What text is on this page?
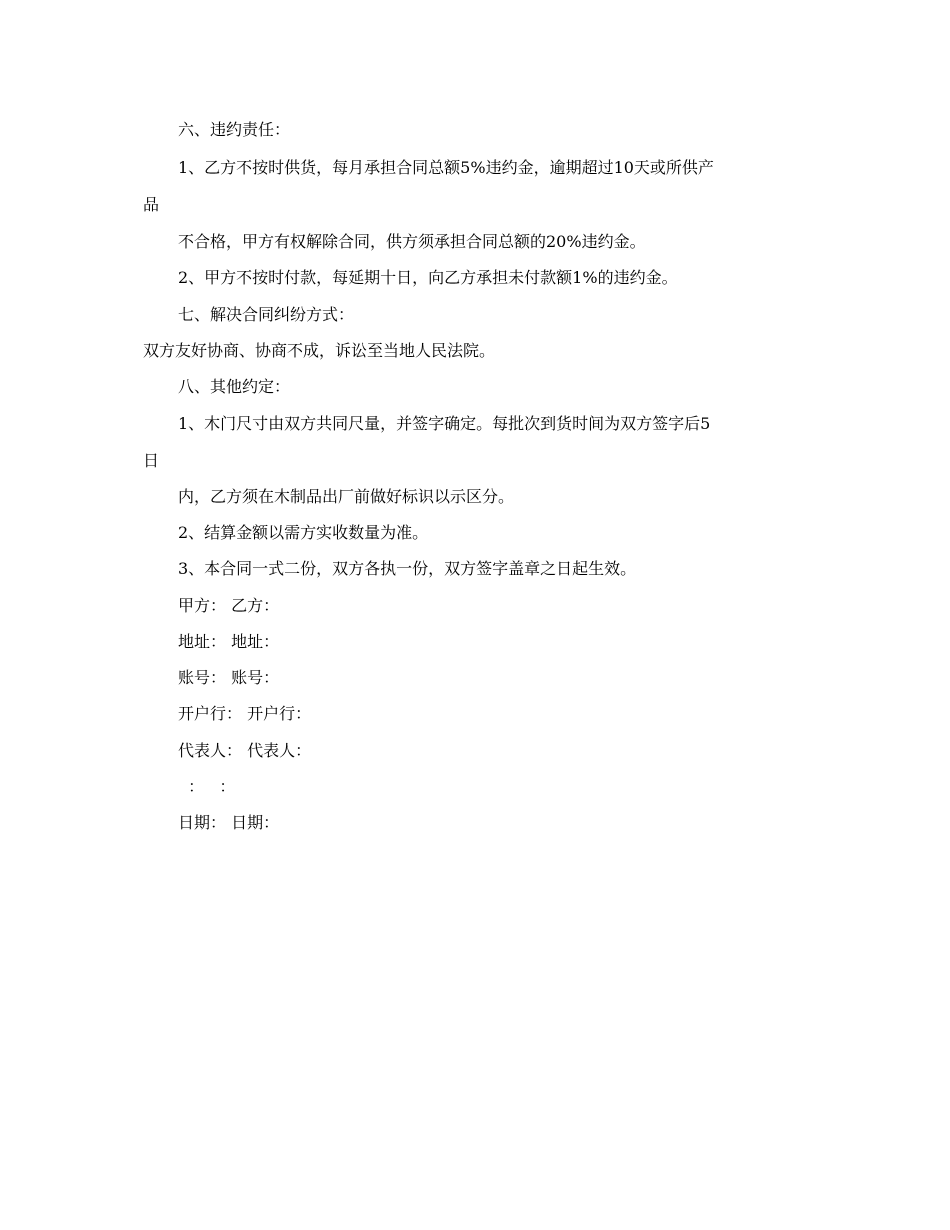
六、违约责任：
1、乙方不按时供货，每月承担合同总额5%违约金，逾期超过10天或所供产
品
不合格，甲方有权解除合同，供方须承担合同总额的20%违约金。
2、甲方不按时付款，每延期十日，向乙方承担未付款额1%的违约金。
七、解决合同纠纷方式：
双方友好协商、协商不成，诉讼至当地人民法院。
八、其他约定：
1、木门尺寸由双方共同尺量，并签字确定。每批次到货时间为双方签字后5
日
内，乙方须在木制品出厂前做好标识以示区分。
2、结算金额以需方实收数量为准。
3、本合同一式二份，双方各执一份，双方签字盖章之日起生效。
甲方： 乙方：
地址： 地址：
账号： 账号：
开户行： 开户行：
代表人： 代表人：
：   ：
日期： 日期：
